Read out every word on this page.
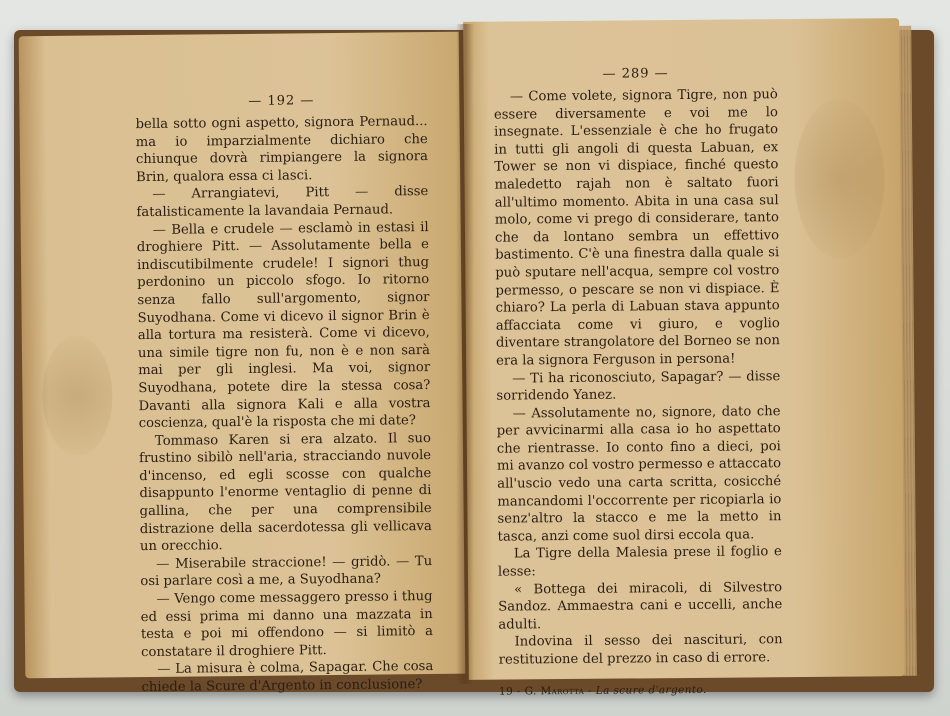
— 192 —

bella sotto ogni aspetto, signora Pernaud... ma io imparzialmente dichiaro che chiunque dovrà rimpiangere la signora Brin, qualora essa ci lasci.

— Arrangiatevi, Pitt — disse fatalisticamente la lavandaia Pernaud.

— Bella e crudele — esclamò in estasi il droghiere Pitt. — Assolutamente bella e indiscutibilmente crudele! I signori thug perdonino un piccolo sfogo. Io ritorno senza fallo sull'argomento, signor Suyodhana. Come vi dicevo il signor Brin è alla tortura ma resisterà. Come vi dicevo, una simile tigre non fu, non è e non sarà mai per gli inglesi. Ma voi, signor Suyodhana, potete dire la stessa cosa? Davanti alla signora Kali e alla vostra coscienza, qual'è la risposta che mi date?

Tommaso Karen si era alzato. Il suo frustino sibilò nell'aria, stracciando nuvole d'incenso, ed egli scosse con qualche disappunto l'enorme ventaglio di penne di gallina, che per una comprensibile distrazione della sacerdotessa gli vellicava un orecchio.

— Miserabile straccione! — gridò. — Tu osi parlare così a me, a Suyodhana?

— Vengo come messaggero presso i thug ed essi prima mi danno una mazzata in testa e poi mi offendono — si limitò a constatare il droghiere Pitt.

— La misura è colma, Sapagar. Che cosa chiede la Scure d'Argento in conclusione?

— 289 —

— Come volete, signora Tigre, non può essere diversamente e voi me lo insegnate. L'essenziale è che ho frugato in tutti gli angoli di questa Labuan, ex Tower se non vi dispiace, finché questo maledetto rajah non è saltato fuori all'ultimo momento. Abita in una casa sul molo, come vi prego di considerare, tanto che da lontano sembra un effettivo bastimento. C'è una finestra dalla quale si può sputare nell'acqua, sempre col vostro permesso, o pescare se non vi dispiace. È chiaro? La perla di Labuan stava appunto affacciata come vi giuro, e voglio diventare strangolatore del Borneo se non era la signora Ferguson in persona!

— Ti ha riconosciuto, Sapagar? — disse sorridendo Yanez.

— Assolutamente no, signore, dato che per avvicinarmi alla casa io ho aspettato che rientrasse. Io conto fino a dieci, poi mi avanzo col vostro permesso e attaccato all'uscio vedo una carta scritta, cosicché mancandomi l'occorrente per ricopiarla io senz'altro la stacco e me la metto in tasca, anzi come suol dirsi eccola qua.

La Tigre della Malesia prese il foglio e lesse:

« Bottega dei miracoli, di Silvestro Sandoz. Ammaestra cani e uccelli, anche adulti.

Indovina il sesso dei nascituri, con restituzione del prezzo in caso di errore.

19 - G. Marotta - La scure d'argento.
